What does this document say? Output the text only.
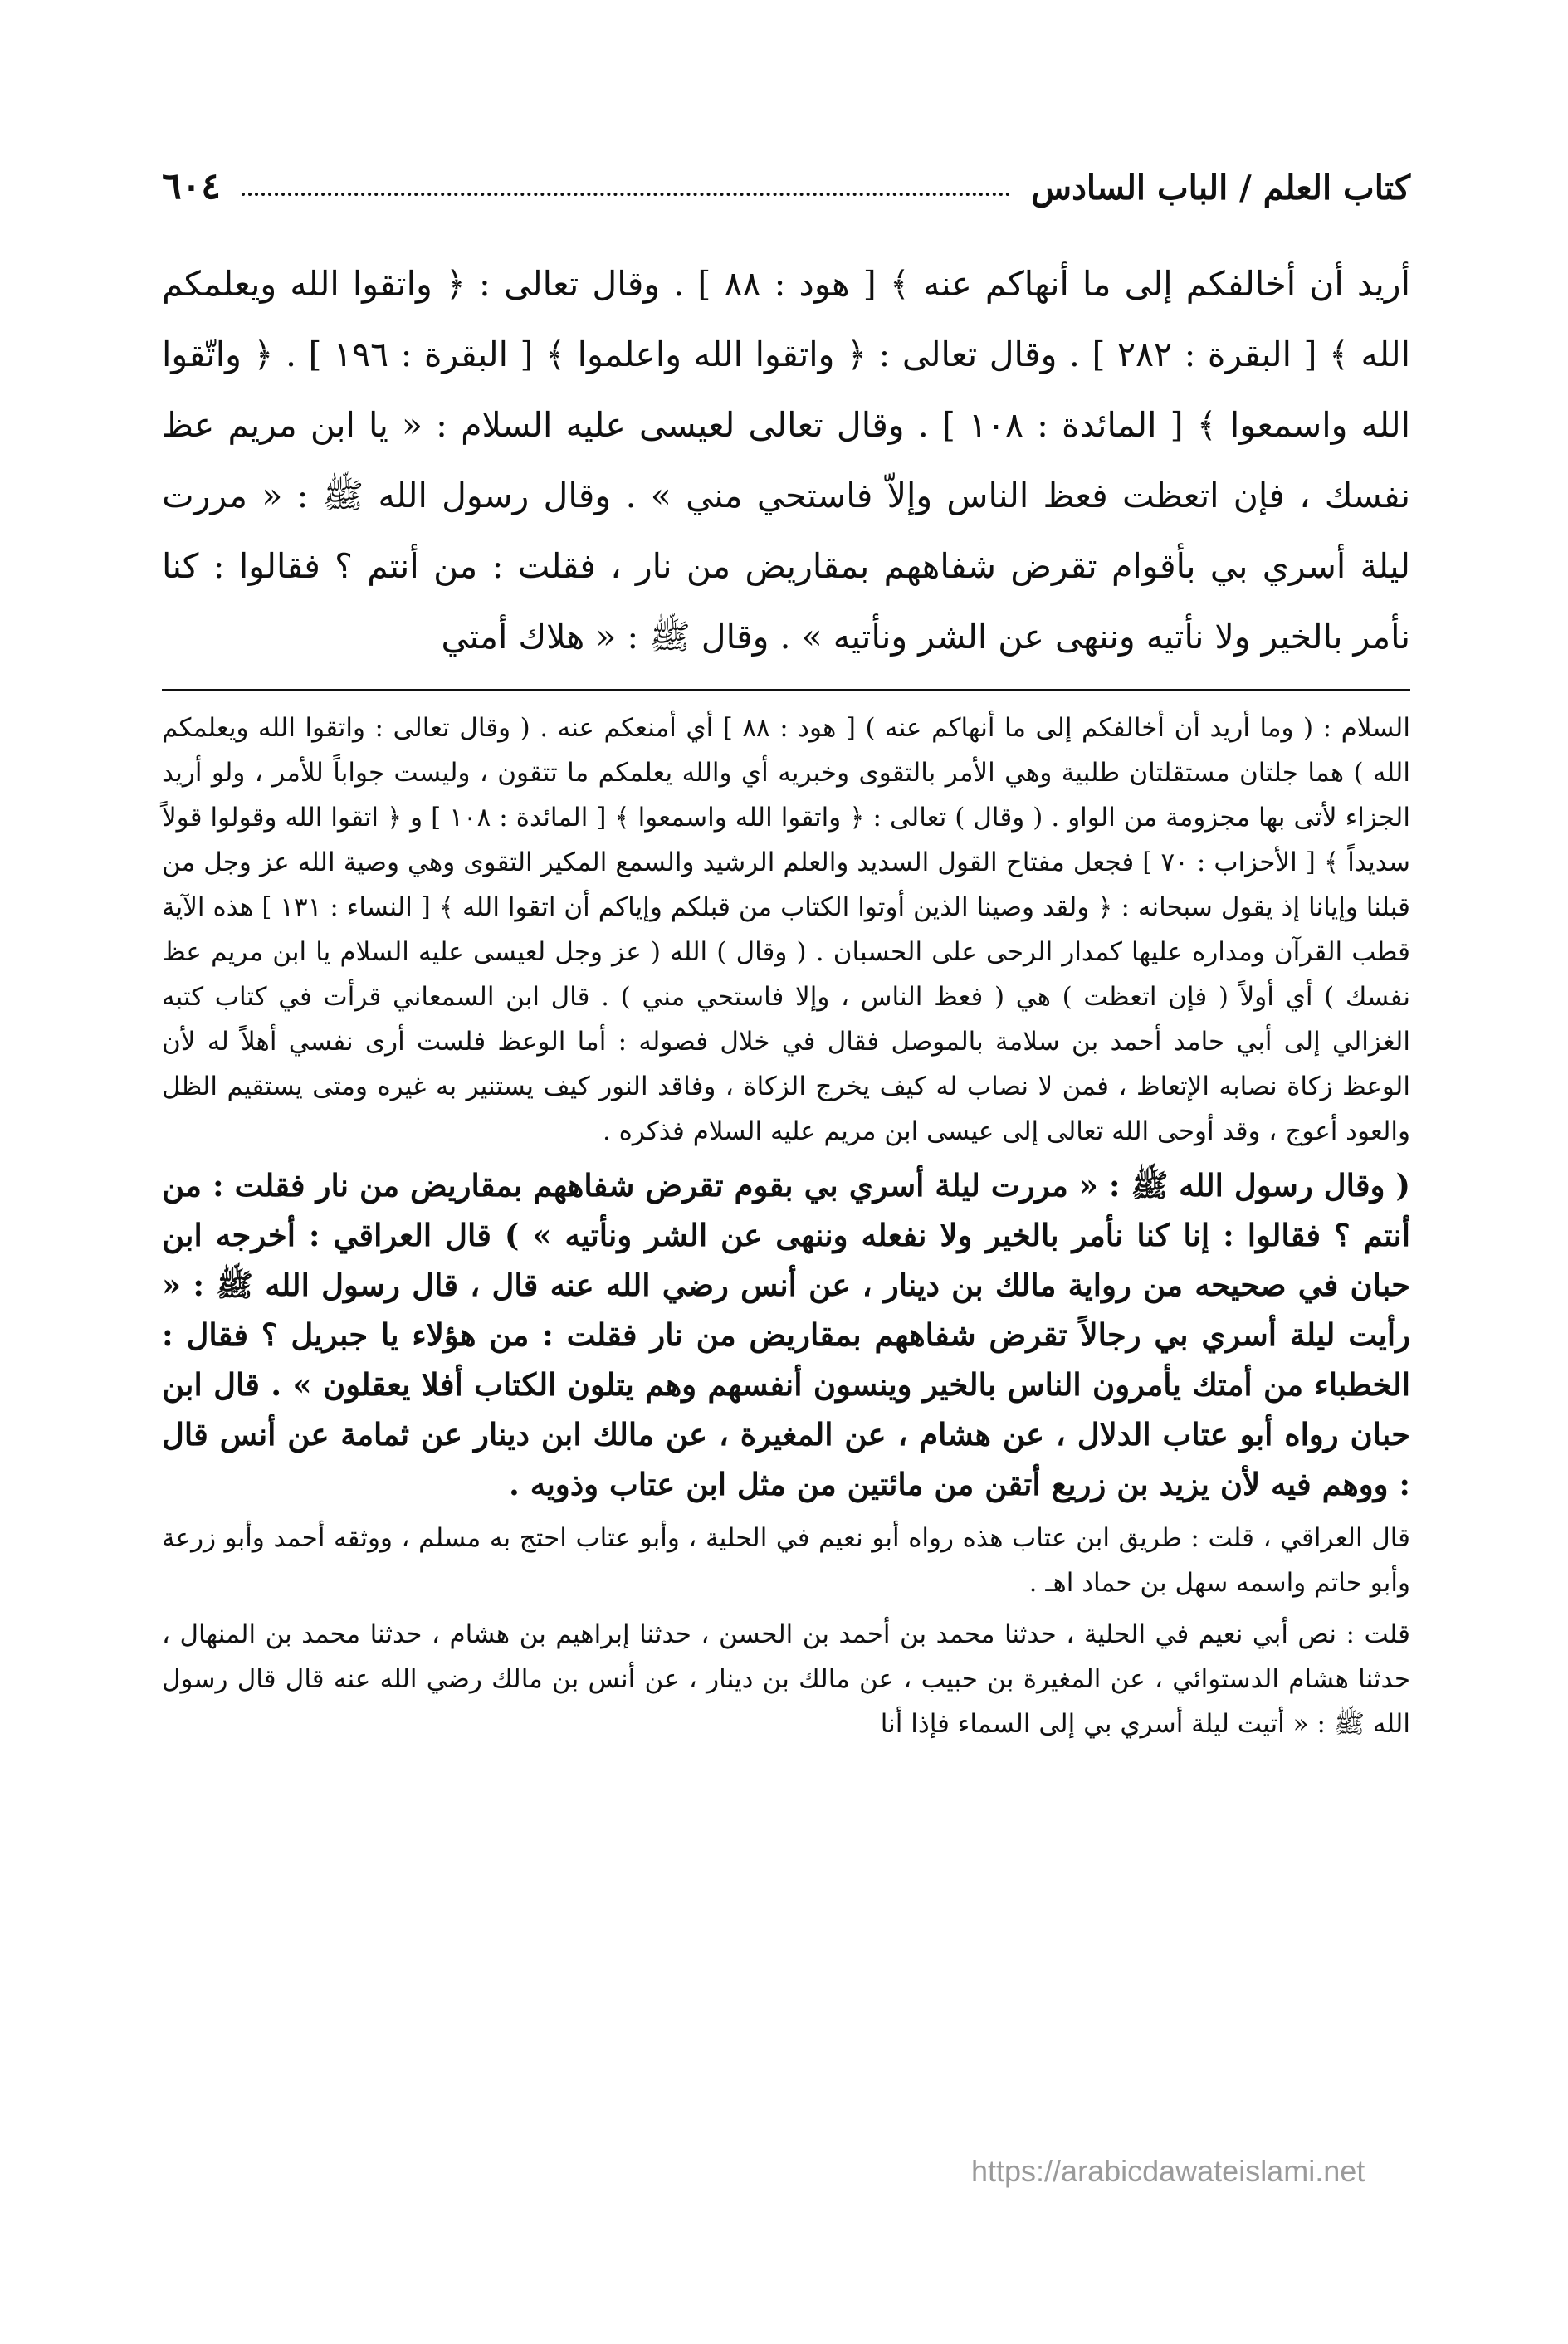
كتاب العلم / الباب السادس
٦٠٤

أريد أن أخالفكم إلى ما أنهاكم عنه ﴾ [ هود : ٨٨ ] . وقال تعالى : ﴿ واتقوا الله ويعلمكم الله ﴾ [ البقرة : ٢٨٢ ] . وقال تعالى : ﴿ واتقوا الله واعلموا ﴾ [ البقرة : ١٩٦ ] . ﴿ واتّقوا الله واسمعوا ﴾ [ المائدة : ١٠٨ ] . وقال تعالى لعيسى عليه السلام : « يا ابن مريم عظ نفسك ، فإن اتعظت فعظ الناس وإلاّ فاستحي مني » . وقال رسول الله ﷺ : « مررت ليلة أسري بي بأقوام تقرض شفاههم بمقاريض من نار ، فقلت : من أنتم ؟ فقالوا : كنا نأمر بالخير ولا نأتيه وننهى عن الشر ونأتيه » . وقال ﷺ : « هلاك أمتي

السلام : ( وما أريد أن أخالفكم إلى ما أنهاكم عنه ) [ هود : ٨٨ ] أي أمنعكم عنه . ( وقال تعالى : واتقوا الله ويعلمكم الله ) هما جلتان مستقلتان طلبية وهي الأمر بالتقوى وخبريه أي والله يعلمكم ما تتقون ، وليست جواباً للأمر ، ولو أريد الجزاء لأتى بها مجزومة من الواو . ( وقال ) تعالى : ﴿ واتقوا الله واسمعوا ﴾ [ المائدة : ١٠٨ ] و ﴿ اتقوا الله وقولوا قولاً سديداً ﴾ [ الأحزاب : ٧٠ ] فجعل مفتاح القول السديد والعلم الرشيد والسمع المكير التقوى وهي وصية الله عز وجل من قبلنا وإيانا إذ يقول سبحانه : ﴿ ولقد وصينا الذين أوتوا الكتاب من قبلكم وإياكم أن اتقوا الله ﴾ [ النساء : ١٣١ ] هذه الآية قطب القرآن ومداره عليها كمدار الرحى على الحسبان . ( وقال ) الله ( عز وجل لعيسى عليه السلام يا ابن مريم عظ نفسك ) أي أولاً ( فإن اتعظت ) هي ( فعظ الناس ، وإلا فاستحي مني ) . قال ابن السمعاني قرأت في كتاب كتبه الغزالي إلى أبي حامد أحمد بن سلامة بالموصل فقال في خلال فصوله : أما الوعظ فلست أرى نفسي أهلاً له لأن الوعظ زكاة نصابه الإتعاظ ، فمن لا نصاب له كيف يخرج الزكاة ، وفاقد النور كيف يستنير به غيره ومتى يستقيم الظل والعود أعوج ، وقد أوحى الله تعالى إلى عيسى ابن مريم عليه السلام فذكره .

( وقال رسول الله ﷺ : « مررت ليلة أسري بي بقوم تقرض شفاههم بمقاريض من نار فقلت : من أنتم ؟ فقالوا : إنا كنا نأمر بالخير ولا نفعله وننهى عن الشر ونأتيه » ) قال العراقي : أخرجه ابن حبان في صحيحه من رواية مالك بن دينار ، عن أنس رضي الله عنه قال ، قال رسول الله ﷺ : « رأيت ليلة أسري بي رجالاً تقرض شفاههم بمقاريض من نار فقلت : من هؤلاء يا جبريل ؟ فقال : الخطباء من أمتك يأمرون الناس بالخير وينسون أنفسهم وهم يتلون الكتاب أفلا يعقلون » . قال ابن حبان رواه أبو عتاب الدلال ، عن هشام ، عن المغيرة ، عن مالك ابن دينار عن ثمامة عن أنس قال : ووهم فيه لأن يزيد بن زريع أتقن من مائتين من مثل ابن عتاب وذويه .

قال العراقي ، قلت : طريق ابن عتاب هذه رواه أبو نعيم في الحلية ، وأبو عتاب احتج به مسلم ، ووثقه أحمد وأبو زرعة وأبو حاتم واسمه سهل بن حماد اهـ .

قلت : نص أبي نعيم في الحلية ، حدثنا محمد بن أحمد بن الحسن ، حدثنا إبراهيم بن هشام ، حدثنا محمد بن المنهال ، حدثنا هشام الدستوائي ، عن المغيرة بن حبيب ، عن مالك بن دينار ، عن أنس بن مالك رضي الله عنه قال قال رسول الله ﷺ : « أتيت ليلة أسري بي إلى السماء فإذا أنا

https://arabicdawateislami.net
